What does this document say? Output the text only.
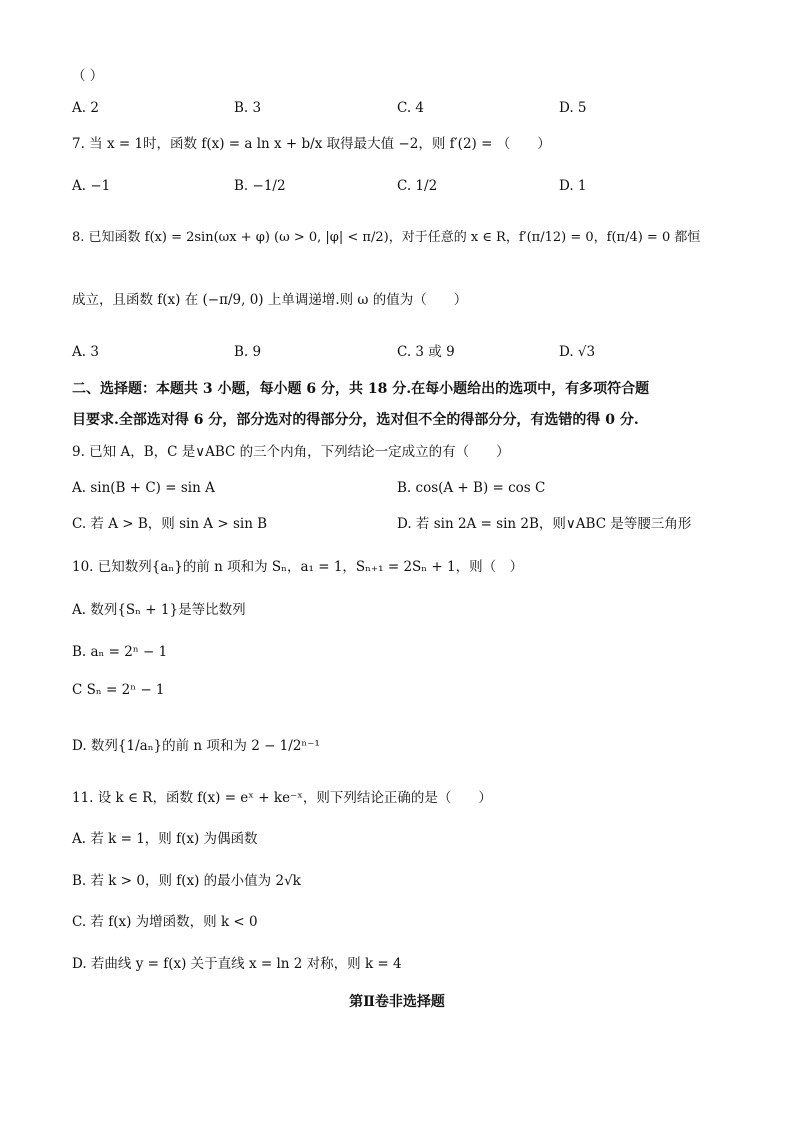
（ ）
A. 2	B. 3	C. 4	D. 5
7. 当 x = 1时，函数 f(x) = a ln x + b/x 取得最大值 −2，则 f′(2) = （　　）
A. −1	B. −1/2	C. 1/2	D. 1
8. 已知函数 f(x) = 2sin(ωx + φ) (ω > 0, |φ| < π/2)，对于任意的 x ∈ R，f′(π/12) = 0，f(π/4) = 0 都恒
成立，且函数 f(x) 在 (−π/9, 0) 上单调递增.则 ω 的值为（　　）
A. 3	B. 9	C. 3 或 9	D. √3
二、选择题：本题共 3 小题，每小题 6 分，共 18 分.在每小题给出的选项中，有多项符合题
目要求.全部选对得 6 分，部分选对的得部分分，选对但不全的得部分分，有选错的得 0 分.
9. 已知 A，B，C 是∨ABC 的三个内角，下列结论一定成立的有（　　）
A. sin(B + C) = sin A	B. cos(A + B) = cos C
C. 若 A > B，则 sin A > sin B	D. 若 sin 2A = sin 2B，则∨ABC 是等腰三角形
10. 已知数列{aₙ}的前 n 项和为 Sₙ，a₁ = 1，Sₙ₊₁ = 2Sₙ + 1，则（　）
A. 数列{Sₙ + 1}是等比数列
B. aₙ = 2ⁿ − 1
C Sₙ = 2ⁿ − 1
D. 数列{1/aₙ}的前 n 项和为 2 − 1/2ⁿ⁻¹
11. 设 k ∈ R，函数 f(x) = eˣ + ke⁻ˣ，则下列结论正确的是（　　）
A. 若 k = 1，则 f(x) 为偶函数
B. 若 k > 0，则 f(x) 的最小值为 2√k
C. 若 f(x) 为增函数，则 k < 0
D. 若曲线 y = f(x) 关于直线 x = ln 2 对称，则 k = 4
第Ⅱ卷非选择题
